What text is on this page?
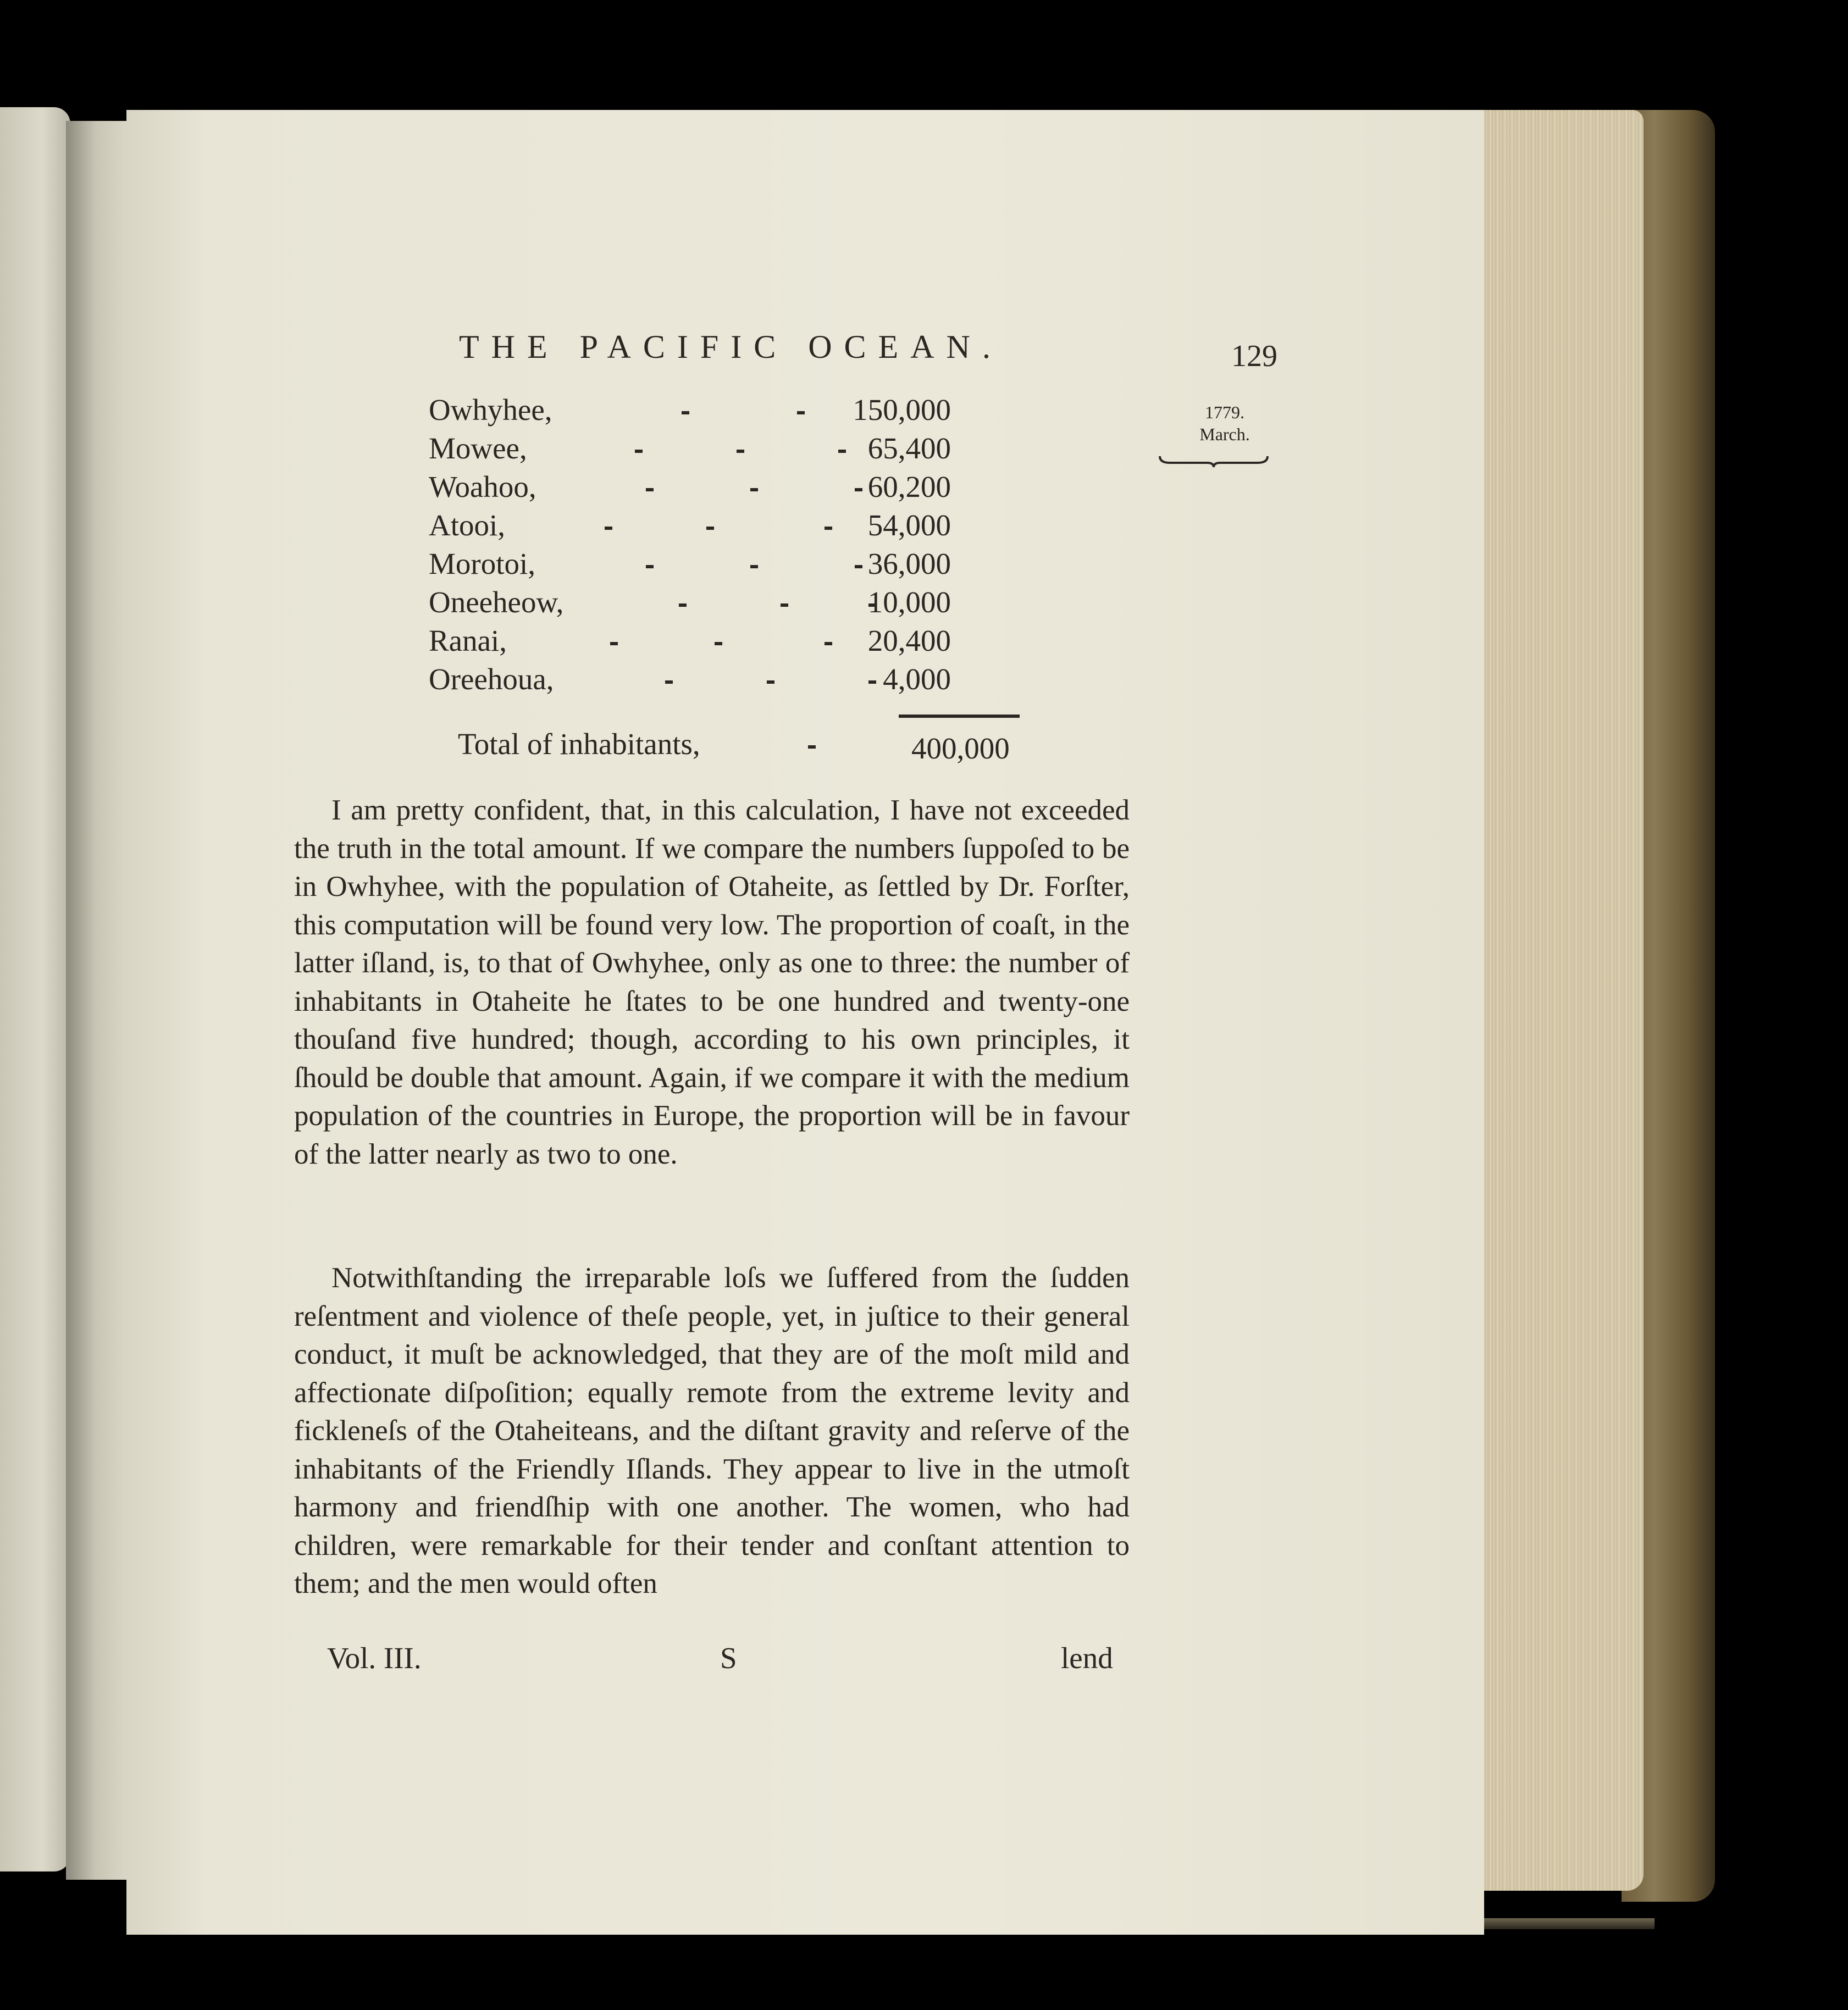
THE PACIFIC OCEAN.	129
1779.
March.
Owhyhee,	150,000
Mowee,	65,400
Woahoo,	60,200
Atooi,	54,000
Morotoi,	36,000
Oneeheow,	10,000
Ranai,	20,400
Oreehoua,	4,000
Total of inhabitants,	400,000

I am pretty confident, that, in this calculation, I have not exceeded the truth in the total amount. If we compare the numbers ſuppoſed to be in Owhyhee, with the population of Otaheite, as ſettled by Dr. Forſter, this computation will be found very low. The proportion of coaſt, in the latter iſland, is, to that of Owhyhee, only as one to three: the number of inhabitants in Otaheite he ſtates to be one hundred and twenty-one thouſand five hundred; though, according to his own principles, it ſhould be double that amount. Again, if we compare it with the medium population of the countries in Europe, the proportion will be in favour of the latter nearly as two to one.

Notwithſtanding the irreparable loſs we ſuffered from the ſudden reſentment and violence of theſe people, yet, in juſtice to their general conduct, it muſt be acknowledged, that they are of the moſt mild and affectionate diſpoſition; equally remote from the extreme levity and fickleneſs of the Otaheiteans, and the diſtant gravity and reſerve of the inhabitants of the Friendly Iſlands. They appear to live in the utmoſt harmony and friendſhip with one another. The women, who had children, were remarkable for their tender and conſtant attention to them; and the men would often

Vol. III.	S	lend
